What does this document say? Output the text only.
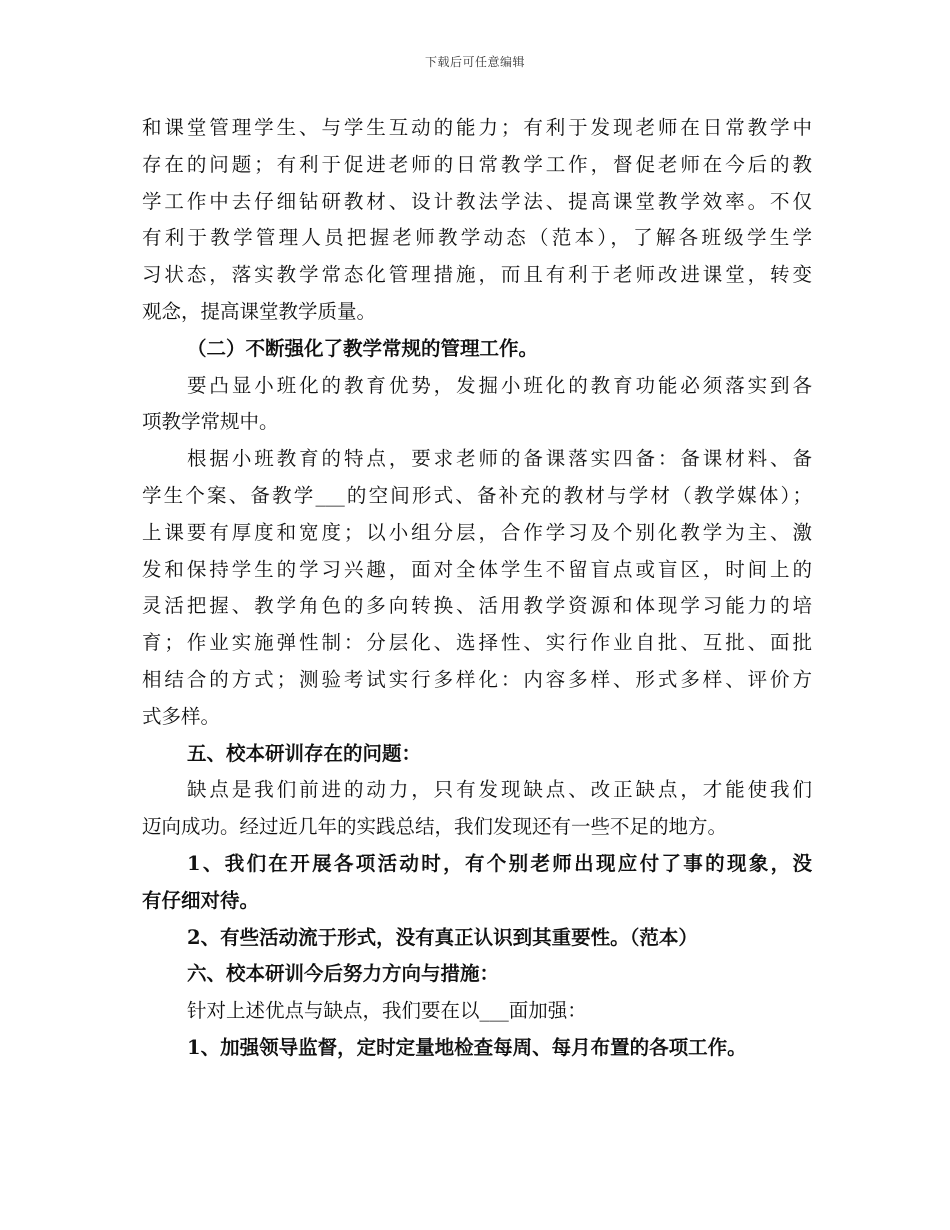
下载后可任意编辑
和课堂管理学生、与学生互动的能力；有利于发现老师在日常教学中
存在的问题；有利于促进老师的日常教学工作，督促老师在今后的教
学工作中去仔细钻研教材、设计教法学法、提高课堂教学效率。不仅
有利于教学管理人员把握老师教学动态（范本），了解各班级学生学
习状态，落实教学常态化管理措施，而且有利于老师改进课堂，转变
观念，提高课堂教学质量。
（二）不断强化了教学常规的管理工作。
要凸显小班化的教育优势，发掘小班化的教育功能必须落实到各
项教学常规中。
根据小班教育的特点，要求老师的备课落实四备：备课材料、备
学生个案、备教学___的空间形式、备补充的教材与学材（教学媒体）；
上课要有厚度和宽度；以小组分层，合作学习及个别化教学为主、激
发和保持学生的学习兴趣，面对全体学生不留盲点或盲区，时间上的
灵活把握、教学角色的多向转换、活用教学资源和体现学习能力的培
育；作业实施弹性制：分层化、选择性、实行作业自批、互批、面批
相结合的方式；测验考试实行多样化：内容多样、形式多样、评价方
式多样。
五、校本研训存在的问题：
缺点是我们前进的动力，只有发现缺点、改正缺点，才能使我们
迈向成功。经过近几年的实践总结，我们发现还有一些不足的地方。
1、我们在开展各项活动时，有个别老师出现应付了事的现象，没
有仔细对待。
2、有些活动流于形式，没有真正认识到其重要性。（范本）
六、校本研训今后努力方向与措施：
针对上述优点与缺点，我们要在以___面加强：
1、加强领导监督，定时定量地检查每周、每月布置的各项工作。
